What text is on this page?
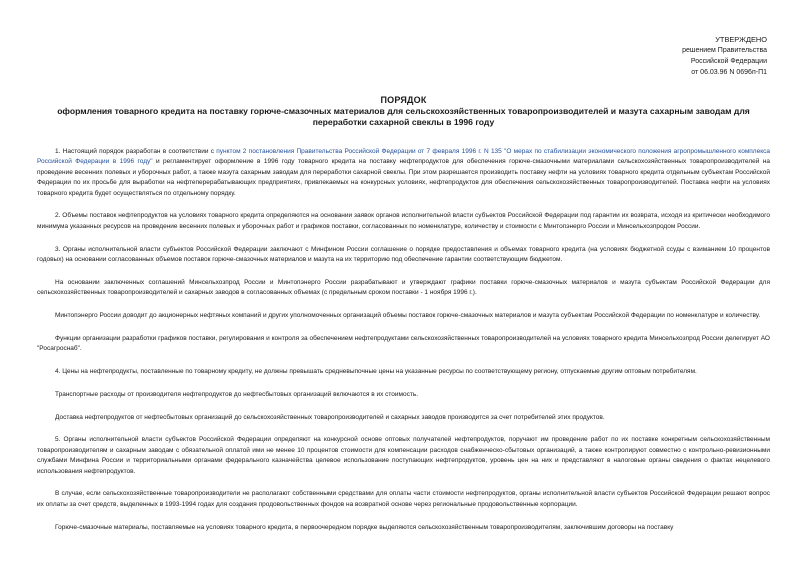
УТВЕРЖДЕНО
решением Правительства
Российской Федерации
от 06.03.96 N 0696п-П1
ПОРЯДОК
оформления товарного кредита на поставку горюче-смазочных материалов для сельскохозяйственных товаропроизводителей и мазута сахарным заводам для
переработки сахарной свеклы в 1996 году

1. Настоящий порядок разработан в соответствии с пунктом 2 постановления Правительства Российской Федерации от 7 февраля 1996 г. N 135 "О мерах по стабилизации экономического положения агропромышленного комплекса Российской Федерации в 1996 году" и регламентирует оформление в 1996 году товарного кредита на поставку нефтепродуктов для обеспечения горюче-смазочными материалами сельскохозяйственных товаропроизводителей на проведение весенних полевых и уборочных работ, а также мазута сахарным заводам для переработки сахарной свеклы. При этом разрешается производить поставку нефти на условиях товарного кредита отдельным субъектам Российской Федерации по их просьбе для выработки на нефтеперерабатывающих предприятиях, привлекаемых на конкурсных условиях, нефтепродуктов для обеспечения сельскохозяйственных товаропроизводителей. Поставка нефти на условиях товарного кредита будет осуществляться по отдельному порядку.

2. Объемы поставок нефтепродуктов на условиях товарного кредита определяются на основании заявок органов исполнительной власти субъектов Российской Федерации под гарантии их возврата, исходя из критически необходимого минимума указанных ресурсов на проведение весенних полевых и уборочных работ и графиков поставки, согласованных по номенклатуре, количеству и стоимости с Минтопэнерго России и Минсельхозпродом России.

3. Органы исполнительной власти субъектов Российской Федерации заключают с Минфином России соглашение о порядке предоставления и объемах товарного кредита (на условиях бюджетной ссуды с взиманием 10 процентов годовых) на основании согласованных объемов поставок горюче-смазочных материалов и мазута на их территорию под обеспечение гарантии соответствующим бюджетом.

На основании заключенных соглашений Минсельхозпрод России и Минтопэнерго России разрабатывают и утверждают графики поставки горюче-смазочных материалов и мазута субъектам Российской Федерации для сельскохозяйственных товаропроизводителей и сахарных заводов в согласованных объемах (с предельным сроком поставки - 1 ноября 1996 г.).

Минтопэнерго России доводит до акционерных нефтяных компаний и других уполномоченных организаций объемы поставок горюче-смазочных материалов и мазута субъектам Российской Федерации по номенклатуре и количеству.

Функции организации разработки графиков поставки, регулирования и контроля за обеспечением нефтепродуктами сельскохозяйственных товаропроизводителей на условиях товарного кредита Минсельхозпрод России делегирует АО "Росагроснаб".

4. Цены на нефтепродукты, поставленные по товарному кредиту, не должны превышать средневыпочные цены на указанные ресурсы по соответствующему региону, отпускаемые другим оптовым потребителям.

Транспортные расходы от производителя нефтепродуктов до нефтесбытовых организаций включаются в их стоимость.

Доставка нефтепродуктов от нефтесбытовых организаций до сельскохозяйственных товаропроизводителей и сахарных заводов производится за счет потребителей этих продуктов.

5. Органы исполнительной власти субъектов Российской Федерации определяют на конкурсной основе оптовых получателей нефтепродуктов, поручают им проведение работ по их поставке конкретным сельскохозяйственным товаропроизводителям и сахарным заводам с обязательной оплатой ими не менее 10 процентов стоимости для компенсации расходов снабженческо-сбытовых организаций, а также контролируют совместно с контрольно-ревизионными службами Минфина России и территориальными органами федерального казначейства целевое использование поступающих нефтепродуктов, уровень цен на них и представляют в налоговые органы сведения о фактах нецелевого использования нефтепродуктов.

В случае, если сельскохозяйственные товаропроизводители не располагают собственными средствами для оплаты части стоимости нефтепродуктов, органы исполнительной власти субъектов Российской Федерации решают вопрос их оплаты за счет средств, выделенных в 1993-1994 годах для создания продовольственных фондов на возвратной основе через региональные продовольственные корпорации.

Горюче-смазочные материалы, поставляемые на условиях товарного кредита, в первоочередном порядке выделяются сельскохозяйственным товаропроизводителям, заключившим договоры на поставку
